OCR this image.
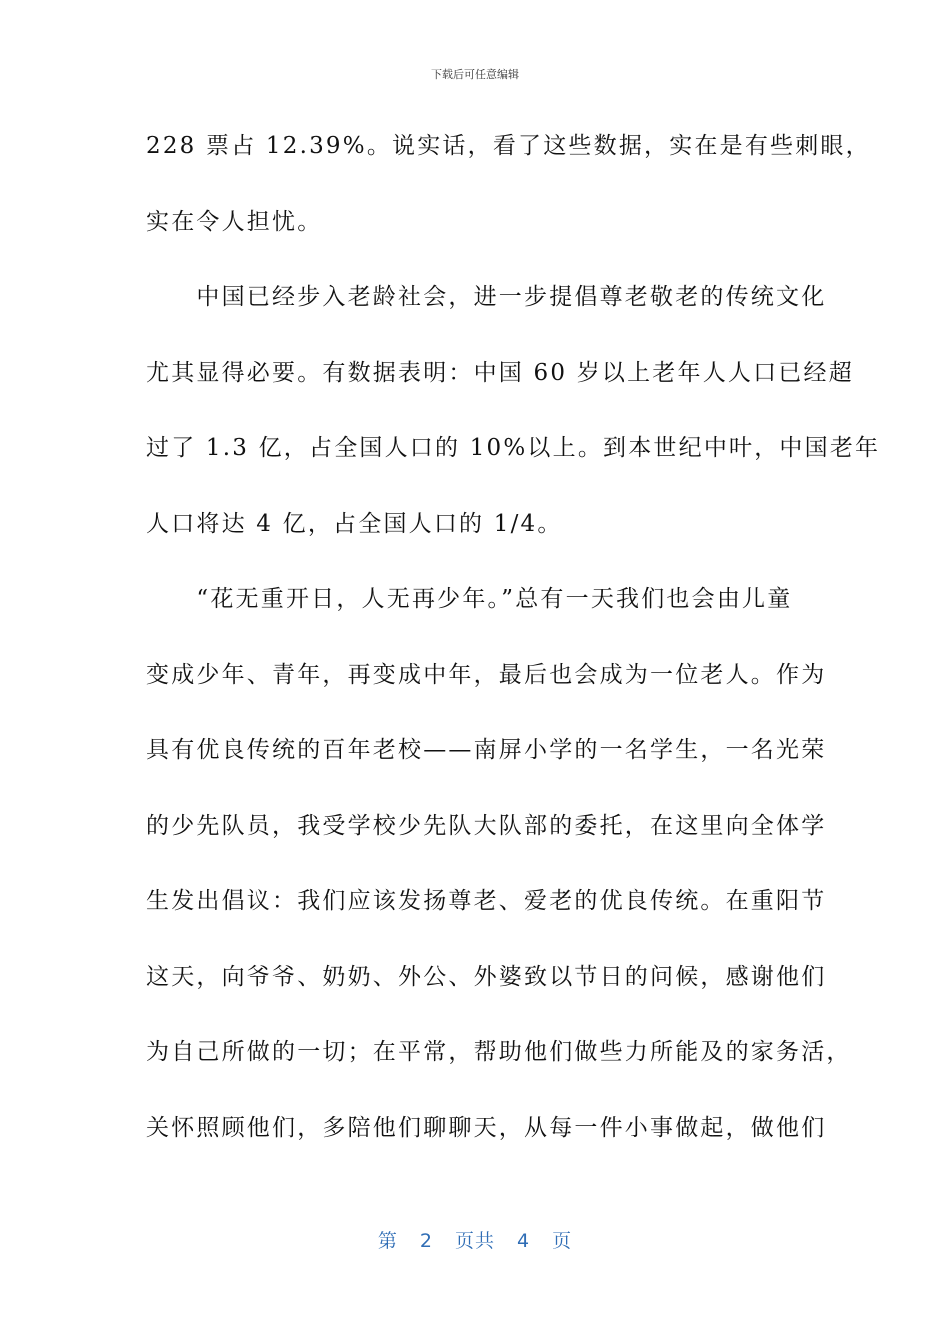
下载后可任意编辑
228 票占 12.39%。说实话，看了这些数据，实在是有些刺眼，
实在令人担忧。
　　中国已经步入老龄社会，进一步提倡尊老敬老的传统文化
尤其显得必要。有数据表明：中国 60 岁以上老年人人口已经超
过了 1.3 亿，占全国人口的 10%以上。到本世纪中叶，中国老年
人口将达 4 亿，占全国人口的 1/4。
　　“花无重开日，人无再少年。”总有一天我们也会由儿童
变成少年、青年，再变成中年，最后也会成为一位老人。作为
具有优良传统的百年老校——南屏小学的一名学生，一名光荣
的少先队员，我受学校少先队大队部的委托，在这里向全体学
生发出倡议：我们应该发扬尊老、爱老的优良传统。在重阳节
这天，向爷爷、奶奶、外公、外婆致以节日的问候，感谢他们
为自己所做的一切；在平常，帮助他们做些力所能及的家务活，
关怀照顾他们，多陪他们聊聊天，从每一件小事做起，做他们
第 2 页共 4 页
